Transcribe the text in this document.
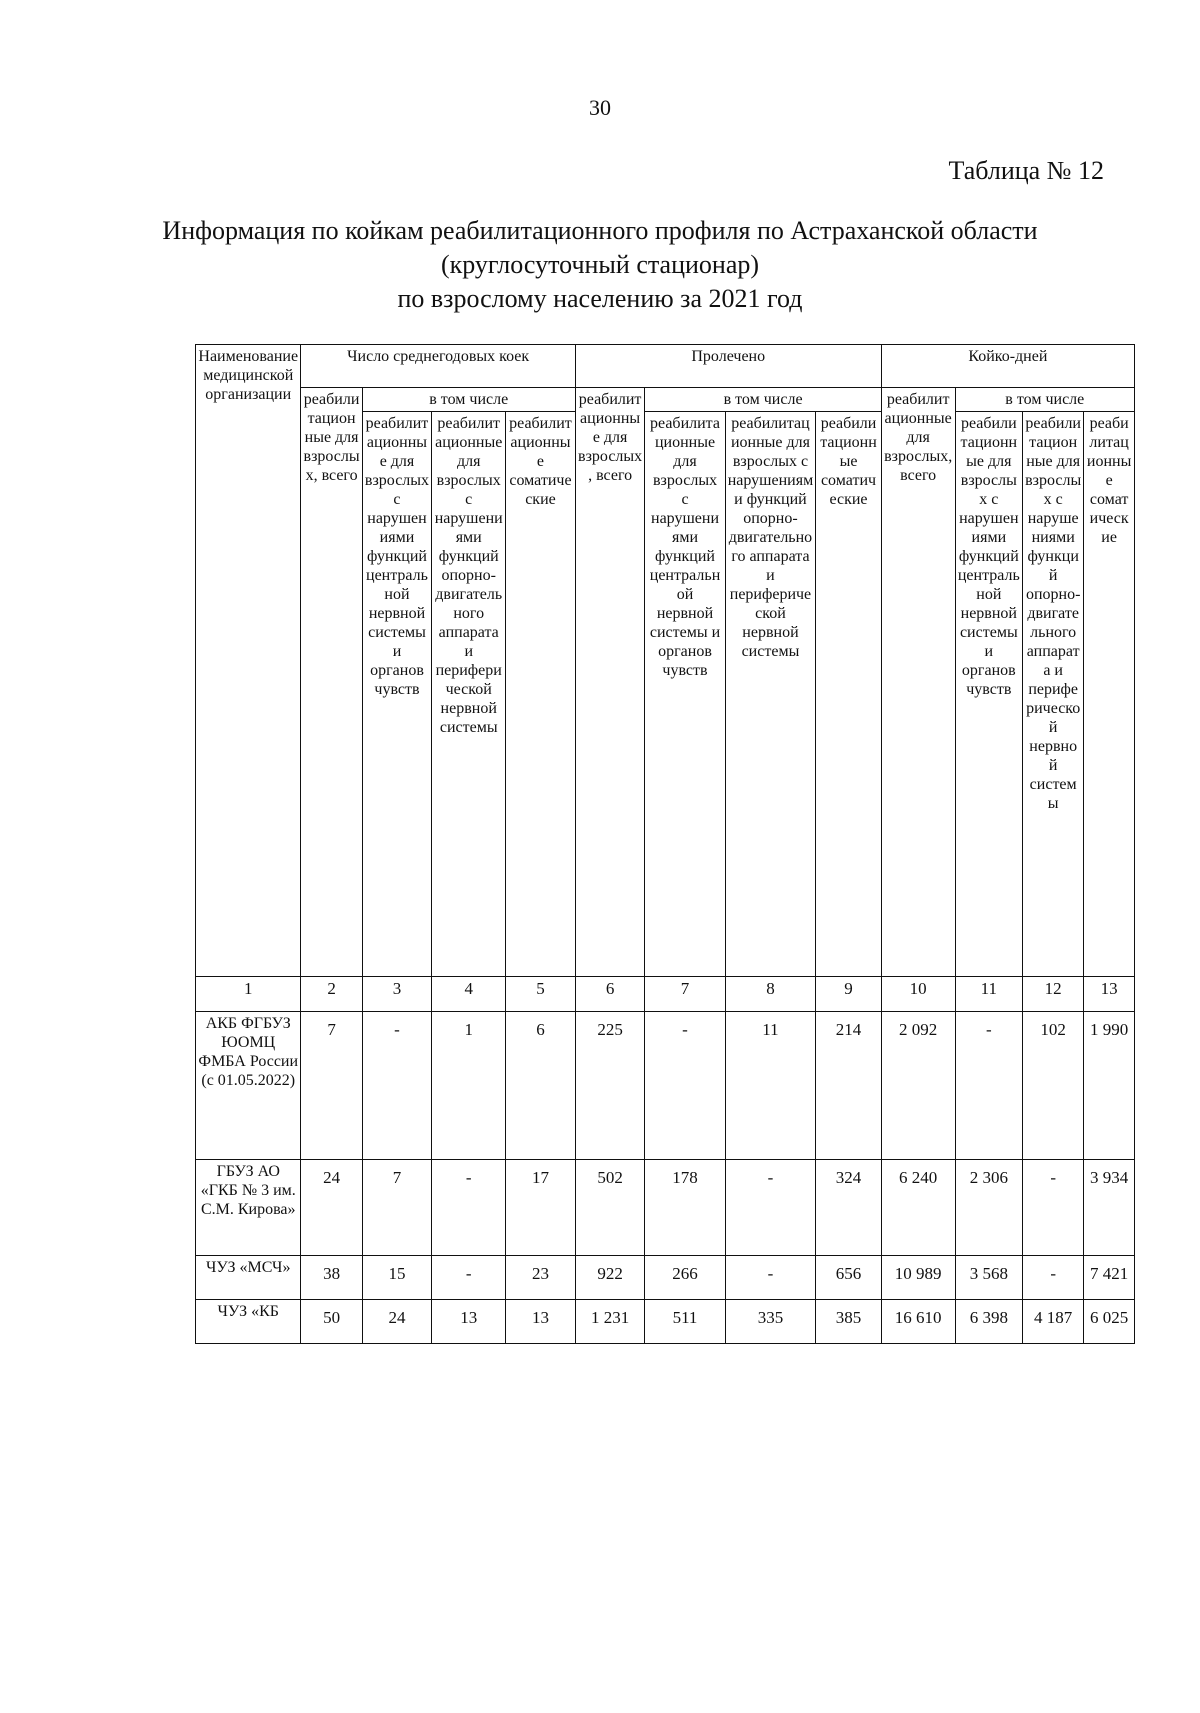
30
Таблица № 12
Информация по койкам реабилитационного профиля по Астраханской области
(круглосуточный стационар)
по взрослому населению за 2021 год
Наименование медицинской организации	Число среднегодовых коек				Пролечено				Койко-дней			
	реабилитационные для взрослых, всего	в том числе			реабилитационные для взрослых, всего	в том числе			реабилитационные для взрослых, всего	в том числе		
		реабилитационные для взрослых с нарушениями функций центральной нервной системы и органов чувств	реабилитационные для взрослых с нарушениями функций опорно-двигательного аппарата и периферической нервной системы	реабилитационные соматические		реабилитационные для взрослых с нарушениями функций центральной нервной системы и органов чувств	реабилитационные для взрослых с нарушениями функций опорно-двигательного аппарата и периферической нервной системы	реабилитационные соматические		реабилитационные для взрослых с нарушениями функций центральной нервной системы и органов чувств	реабилитационные для взрослых с нарушениями функций опорно-двигательного аппарата и периферической нервной системы	реабилитационные соматические
1	2	3	4	5	6	7	8	9	10	11	12	13
АКБ ФГБУЗ ЮОМЦ ФМБА России (с 01.05.2022)	7	-	1	6	225	-	11	214	2 092	-	102	1 990
ГБУЗ АО «ГКБ № 3 им. С.М. Кирова»	24	7	-	17	502	178	-	324	6 240	2 306	-	3 934
ЧУЗ «МСЧ»	38	15	-	23	922	266	-	656	10 989	3 568	-	7 421
ЧУЗ «КБ	50	24	13	13	1 231	511	335	385	16 610	6 398	4 187	6 025
